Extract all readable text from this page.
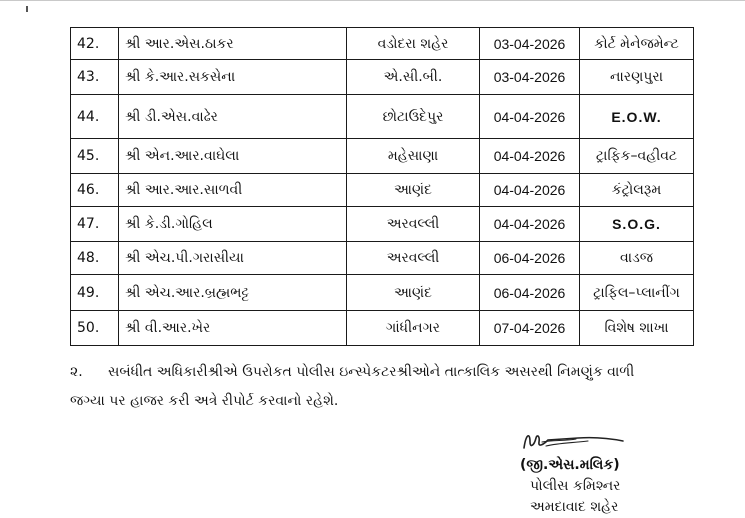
42.	શ્રી આર.એસ.ઠાકર	વડોદરા શહેર	03-04-2026	કોર્ટ મેનેજમેન્ટ
43.	શ્રી કે.આર.સકસેના	એ.સી.બી.	03-04-2026	નારણપુરા
44.	શ્રી ડી.એસ.વાઢેર	છોટાઉદેપુર	04-04-2026	E.O.W.
45.	શ્રી એન.આર.વાઘેલા	મહેસાણા	04-04-2026	ટ્રાફિક–વહીવટ
46.	શ્રી આર.આર.સાળવી	આણંદ	04-04-2026	કંટ્રોલરૂમ
47.	શ્રી કે.ડી.ગોહિલ	અરવલ્લી	04-04-2026	S.O.G.
48.	શ્રી એચ.પી.ગરાસીયા	અરવલ્લી	06-04-2026	વાડજ
49.	શ્રી એચ.આર.બ્રહ્મભટ્ટ	આણંદ	06-04-2026	ટ્રાફિલ–પ્લાનીંગ
50.	શ્રી વી.આર.ખેર	ગાંધીનગર	07-04-2026	વિશેષ શાખા
૨. સબંધીત અધિકારીશ્રીએ ઉપરોકત પોલીસ ઇન્સ્પેકટરશ્રીઓને તાત્કાલિક અસરથી નિમણુંક વાળી
જગ્યા પર હાજર કરી અત્રે રીપોર્ટ કરવાનો રહેશે.
(જી.એસ.મલિક)
પોલીસ કમિશ્નર
અમદાવાદ શહેર
